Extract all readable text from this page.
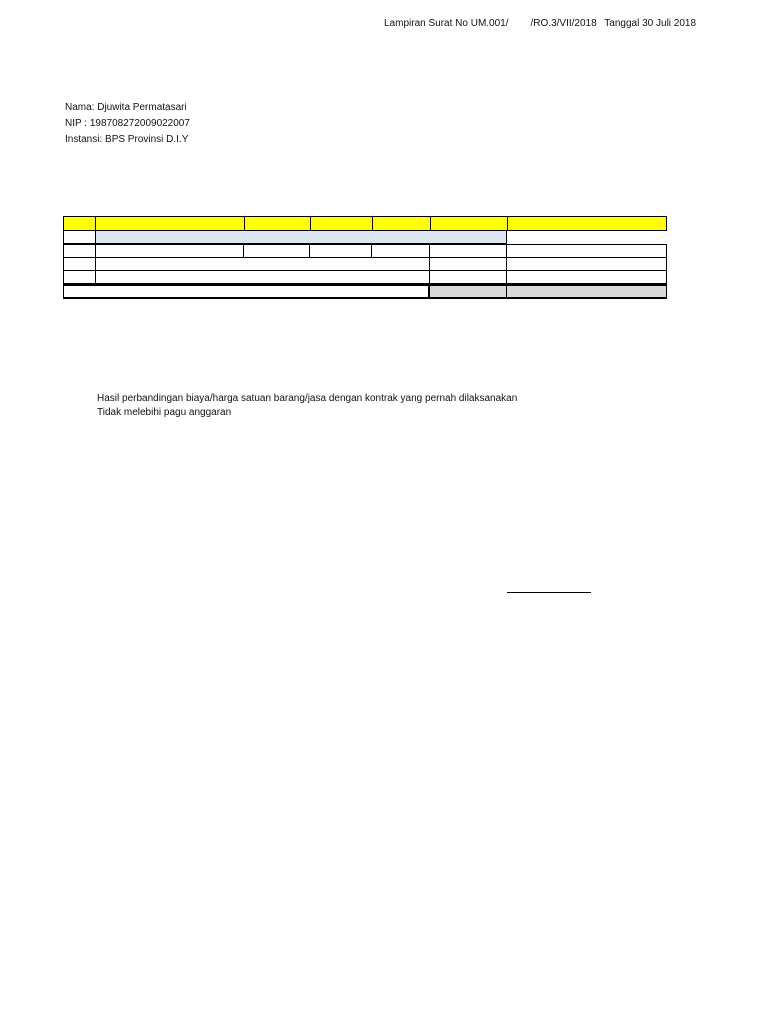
Lampiran Surat No UM.001/ /RO.3/VII/2018 Tanggal 30 Juli 2018
Nama: Djuwita Permatasari
NIP : 198708272009022007
Instansi: BPS Provinsi D.I.Y
Hasil perbandingan biaya/harga satuan barang/jasa dengan kontrak yang pernah dilaksanakan
Tidak melebihi pagu anggaran
